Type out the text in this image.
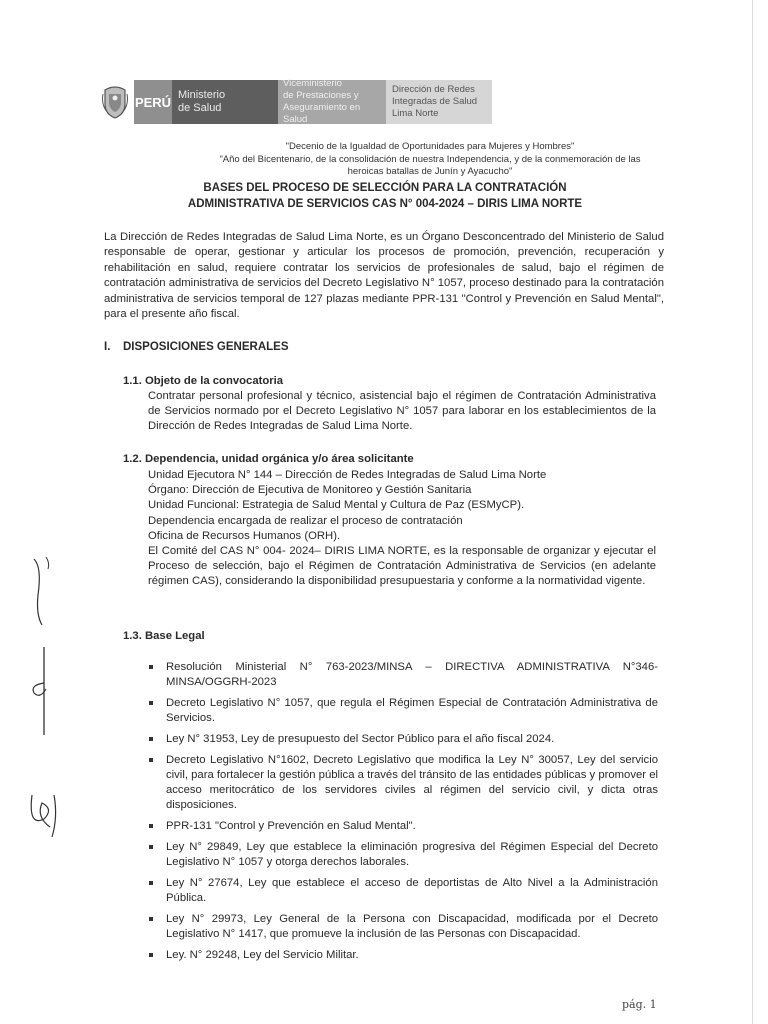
PERÚ Ministerio
de Salud
Viceministerio
de Prestaciones y
Aseguramiento en Salud
Dirección de Redes
Integradas de Salud
Lima Norte
"Decenio de la Igualdad de Oportunidades para Mujeres y Hombres"
"Año del Bicentenario, de la consolidación de nuestra Independencia, y de la conmemoración de las
heroicas batallas de Junín y Ayacucho"
BASES DEL PROCESO DE SELECCIÓN PARA LA CONTRATACIÓN
ADMINISTRATIVA DE SERVICIOS CAS N° 004-2024 – DIRIS LIMA NORTE
La Dirección de Redes Integradas de Salud Lima Norte, es un Órgano Desconcentrado del Ministerio de Salud responsable de operar, gestionar y articular los procesos de promoción, prevención, recuperación y rehabilitación en salud, requiere contratar los servicios de profesionales de salud, bajo el régimen de contratación administrativa de servicios del Decreto Legislativo N° 1057, proceso destinado para la contratación administrativa de servicios temporal de 127 plazas mediante PPR-131 "Control y Prevención en Salud Mental", para el presente año fiscal.
I. DISPOSICIONES GENERALES
1.1. Objeto de la convocatoria
Contratar personal profesional y técnico, asistencial bajo el régimen de Contratación Administrativa de Servicios normado por el Decreto Legislativo N° 1057 para laborar en los establecimientos de la Dirección de Redes Integradas de Salud Lima Norte.
1.2. Dependencia, unidad orgánica y/o área solicitante
Unidad Ejecutora N° 144 – Dirección de Redes Integradas de Salud Lima Norte
Órgano: Dirección de Ejecutiva de Monitoreo y Gestión Sanitaria
Unidad Funcional: Estrategia de Salud Mental y Cultura de Paz (ESMyCP).
Dependencia encargada de realizar el proceso de contratación
Oficina de Recursos Humanos (ORH).
El Comité del CAS N° 004- 2024– DIRIS LIMA NORTE, es la responsable de organizar y ejecutar el Proceso de selección, bajo el Régimen de Contratación Administrativa de Servicios (en adelante régimen CAS), considerando la disponibilidad presupuestaria y conforme a la normatividad vigente.
1.3. Base Legal
Resolución Ministerial N° 763-2023/MINSA – DIRECTIVA ADMINISTRATIVA N°346-MINSA/OGGRH-2023
Decreto Legislativo N° 1057, que regula el Régimen Especial de Contratación Administrativa de Servicios.
Ley N° 31953, Ley de presupuesto del Sector Público para el año fiscal 2024.
Decreto Legislativo N°1602, Decreto Legislativo que modifica la Ley N° 30057, Ley del servicio civil, para fortalecer la gestión pública a través del tránsito de las entidades públicas y promover el acceso meritocrático de los servidores civiles al régimen del servicio civil, y dicta otras disposiciones.
PPR-131 "Control y Prevención en Salud Mental".
Ley N° 29849, Ley que establece la eliminación progresiva del Régimen Especial del Decreto Legislativo N° 1057 y otorga derechos laborales.
Ley N° 27674, Ley que establece el acceso de deportistas de Alto Nivel a la Administración Pública.
Ley N° 29973, Ley General de la Persona con Discapacidad, modificada por el Decreto Legislativo N° 1417, que promueve la inclusión de las Personas con Discapacidad.
Ley. N° 29248, Ley del Servicio Militar.
pág. 1
